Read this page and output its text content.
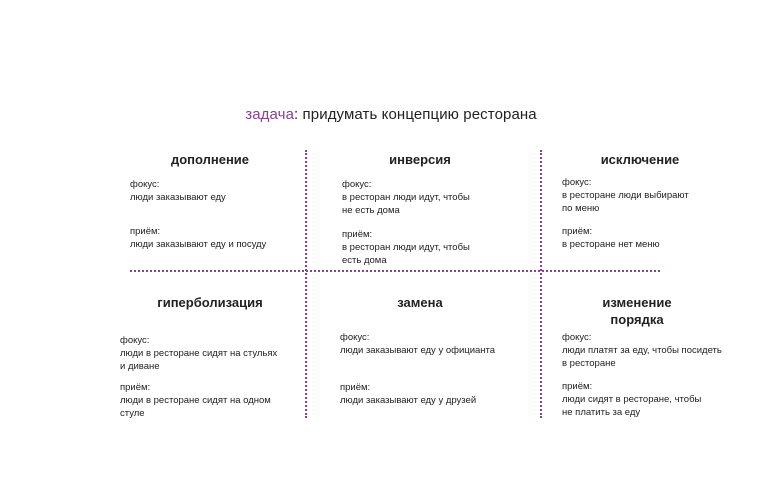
задача: придумать концепцию ресторана
дополнение
фокус:
люди заказывают еду
приём:
люди заказывают еду и посуду
инверсия
фокус:
в ресторан люди идут, чтобы
не есть дома
приём:
в ресторан люди идут, чтобы
есть дома
исключение
фокус:
в ресторане люди выбирают
по меню
приём:
в ресторане нет меню
гиперболизация
фокус:
люди в ресторане сидят на стульях
и диване
приём:
люди в ресторане сидят на одном
стуле
замена
фокус:
люди заказывают еду у официанта
приём:
люди заказывают еду у друзей
изменение
порядка
фокус:
люди платят за еду, чтобы посидеть
в ресторане
приём:
люди сидят в ресторане, чтобы
не платить за еду
